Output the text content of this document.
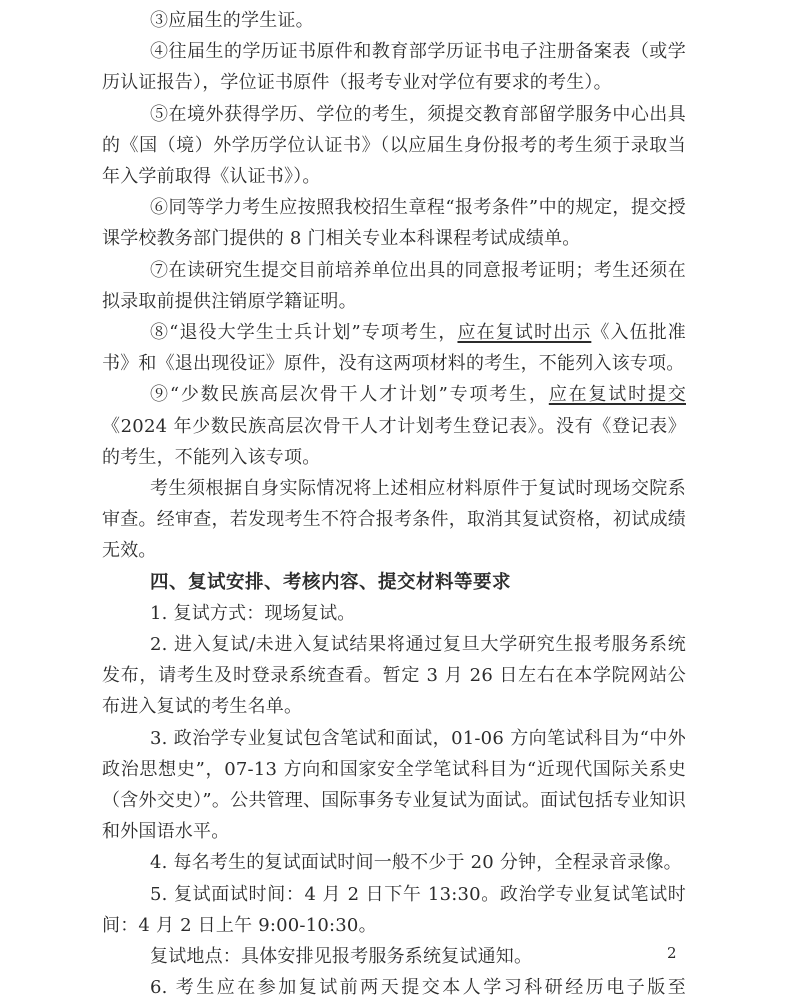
③应届生的学生证。

④往届生的学历证书原件和教育部学历证书电子注册备案表（或学历认证报告），学位证书原件（报考专业对学位有要求的考生）。

⑤在境外获得学历、学位的考生，须提交教育部留学服务中心出具的《国（境）外学历学位认证书》（以应届生身份报考的考生须于录取当年入学前取得《认证书》）。

⑥同等学力考生应按照我校招生章程“报考条件”中的规定，提交授课学校教务部门提供的 8 门相关专业本科课程考试成绩单。

⑦在读研究生提交目前培养单位出具的同意报考证明；考生还须在拟录取前提供注销原学籍证明。

⑧“退役大学生士兵计划”专项考生，应在复试时出示《入伍批准书》和《退出现役证》原件，没有这两项材料的考生，不能列入该专项。

⑨“少数民族高层次骨干人才计划”专项考生，应在复试时提交《2024 年少数民族高层次骨干人才计划考生登记表》。没有《登记表》的考生，不能列入该专项。

考生须根据自身实际情况将上述相应材料原件于复试时现场交院系审查。经审查，若发现考生不符合报考条件，取消其复试资格，初试成绩无效。

四、复试安排、考核内容、提交材料等要求

1. 复试方式：现场复试。

2. 进入复试/未进入复试结果将通过复旦大学研究生报考服务系统发布，请考生及时登录系统查看。暂定 3 月 26 日左右在本学院网站公布进入复试的考生名单。

3. 政治学专业复试包含笔试和面试，01-06 方向笔试科目为“中外政治思想史”，07-13 方向和国家安全学笔试科目为“近现代国际关系史（含外交史）”。公共管理、国际事务专业复试为面试。面试包括专业知识和外国语水平。

4. 每名考生的复试面试时间一般不少于 20 分钟，全程录音录像。

5. 复试面试时间：4 月 2 日下午 13:30。政治学专业复试笔试时间：4 月 2 日上午 9:00-10:30。

复试地点：具体安排见报考服务系统复试通知。

6. 考生应在参加复试前两天提交本人学习科研经历电子版至

2
